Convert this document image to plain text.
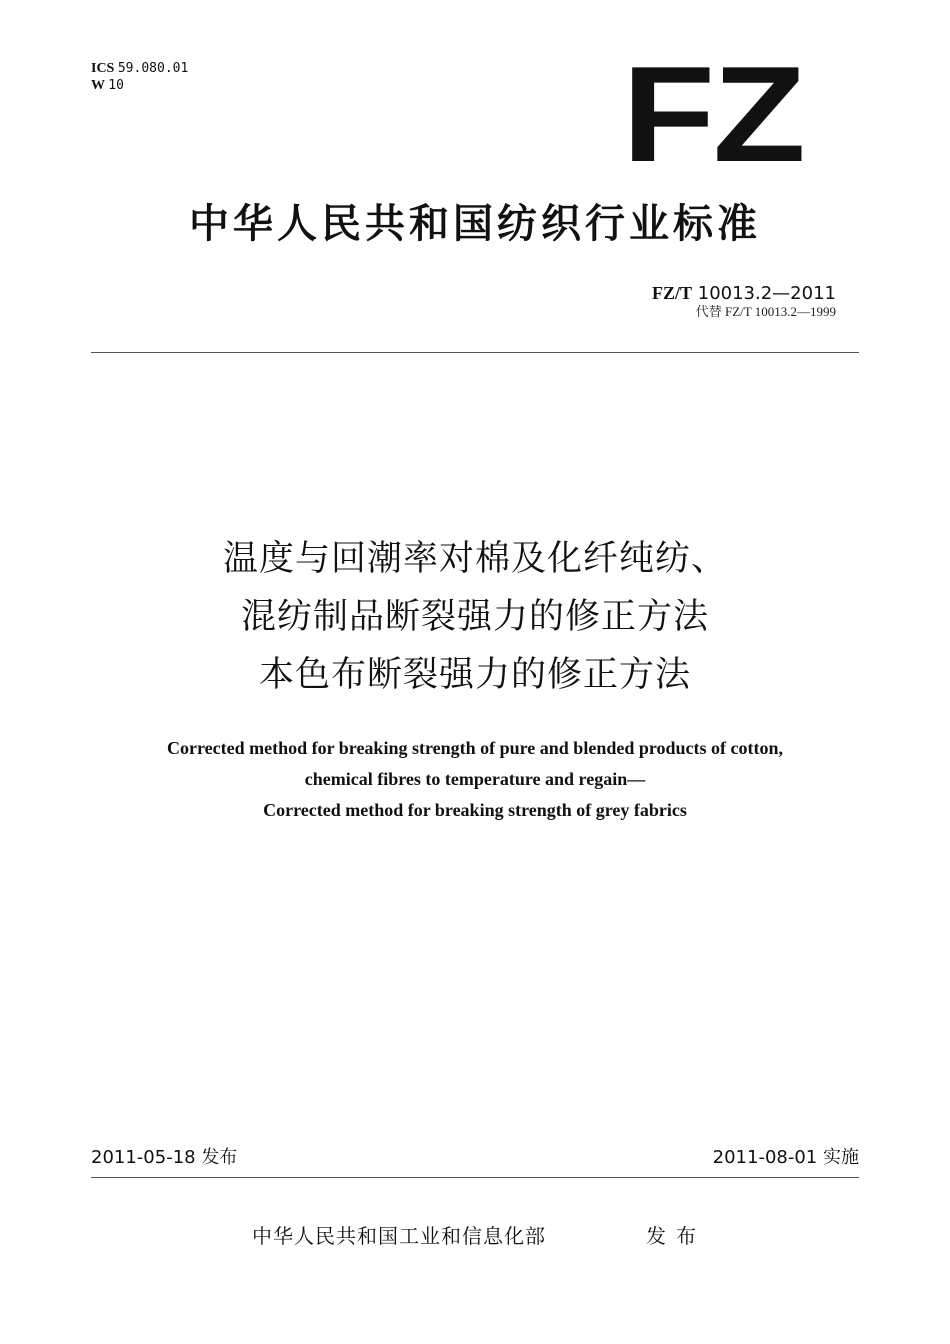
ICS 59.080.01
W 10	FZ
中华人民共和国纺织行业标准
FZ/T 10013.2—2011
代替 FZ/T 10013.2—1999
温度与回潮率对棉及化纤纯纺、
混纺制品断裂强力的修正方法
本色布断裂强力的修正方法
Corrected method for breaking strength of pure and blended products of cotton,
chemical fibres to temperature and regain—
Corrected method for breaking strength of grey fabrics
2011-05-18 发布	2011-08-01 实施
中华人民共和国工业和信息化部	发布
